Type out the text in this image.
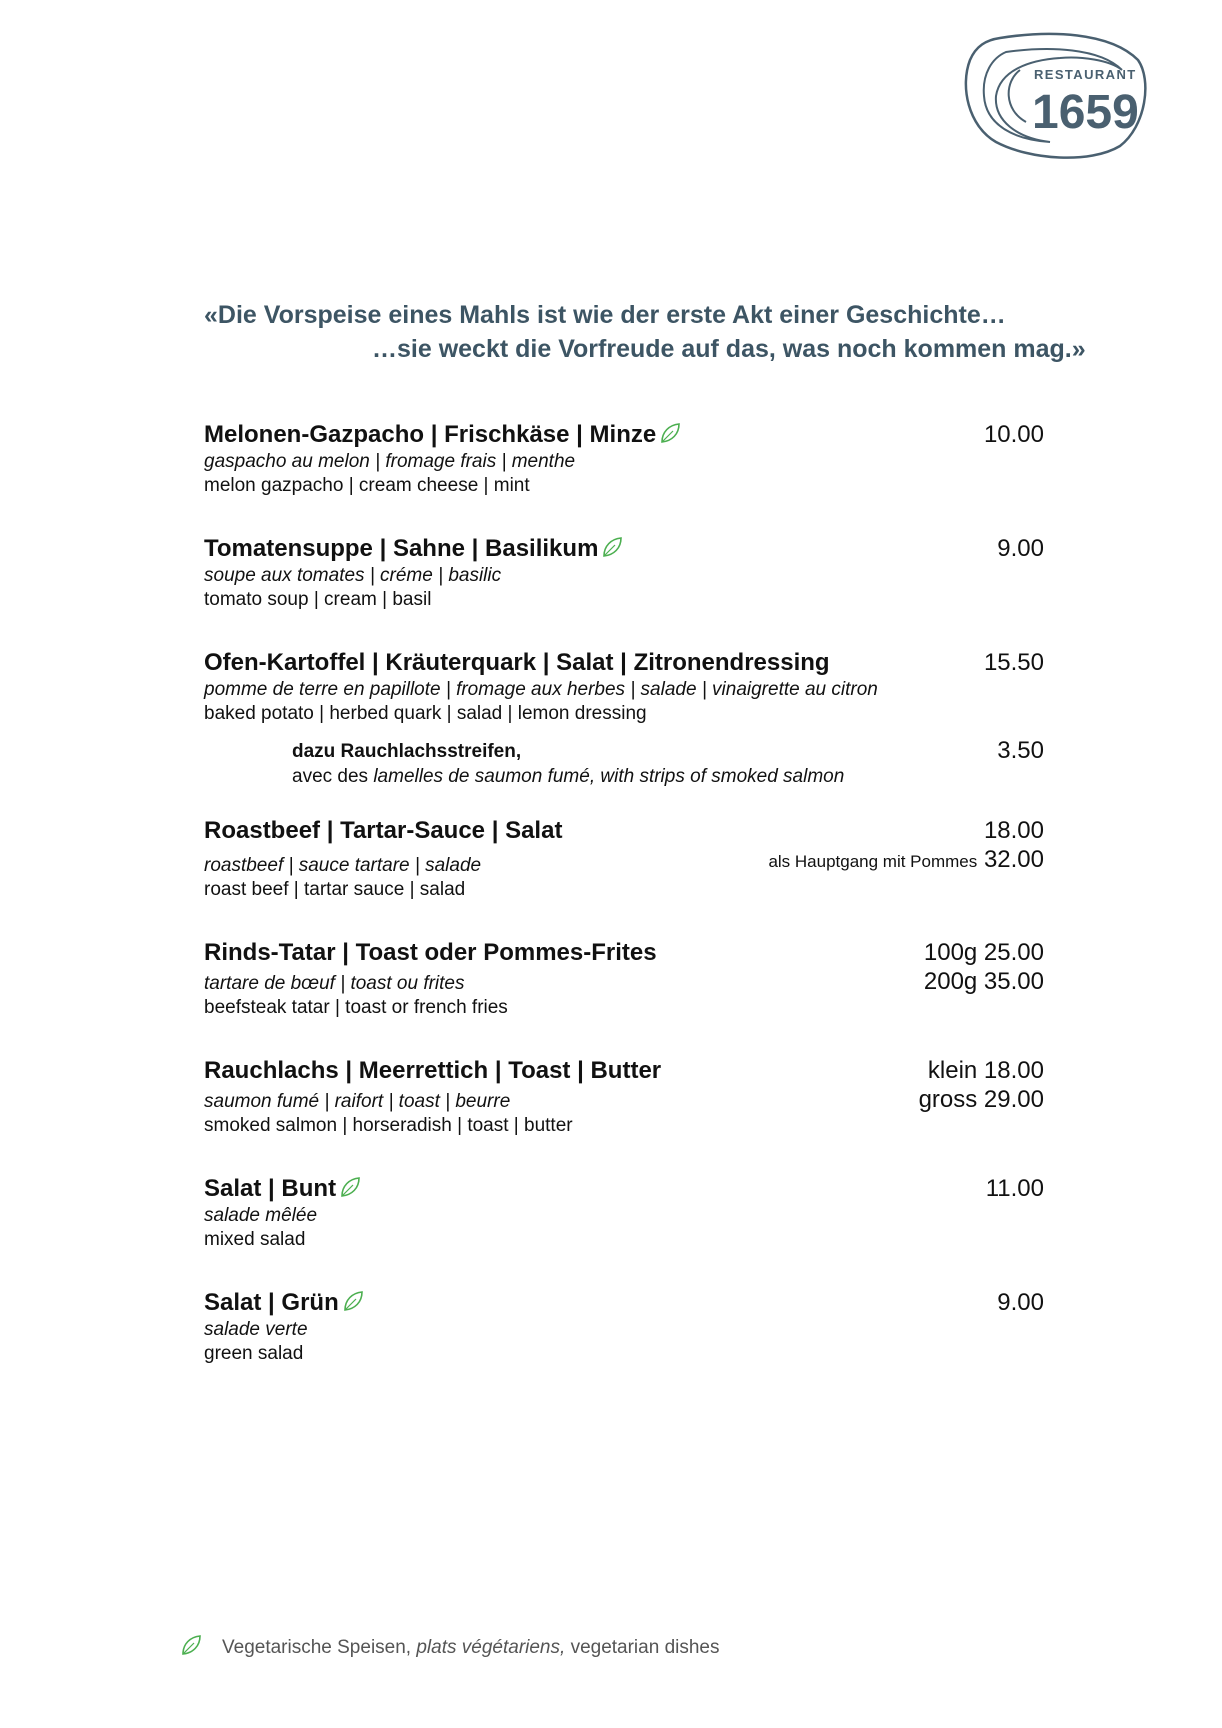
RESTAURANT
1659
«Die Vorspeise eines Mahls ist wie der erste Akt einer Geschichte…
…sie weckt die Vorfreude auf das, was noch kommen mag.»
Melonen-Gazpacho | Frischkäse | Minze
gaspacho au melon | fromage frais | menthe
melon gazpacho | cream cheese | mint
10.00
Tomatensuppe | Sahne | Basilikum
soupe aux tomates | créme | basilic
tomato soup | cream | basil
9.00
Ofen-Kartoffel | Kräuterquark | Salat | Zitronendressing
pomme de terre en papillote | fromage aux herbes | salade | vinaigrette au citron
baked potato | herbed quark | salad | lemon dressing
15.50
dazu Rauchlachsstreifen,
avec des lamelles de saumon fumé, with strips of smoked salmon
3.50
Roastbeef | Tartar-Sauce | Salat
roastbeef | sauce tartare | salade
roast beef | tartar sauce | salad
18.00
als Hauptgang mit Pommes 32.00
Rinds-Tatar | Toast oder Pommes-Frites
tartare de bœuf | toast ou frites
beefsteak tatar | toast or french fries
100g 25.00
200g 35.00
Rauchlachs | Meerrettich | Toast | Butter
saumon fumé | raifort | toast | beurre
smoked salmon | horseradish | toast | butter
klein 18.00
gross 29.00
Salat | Bunt
salade mêlée
mixed salad
11.00
Salat | Grün
salade verte
green salad
9.00
Vegetarische Speisen, plats végétariens, vegetarian dishes
